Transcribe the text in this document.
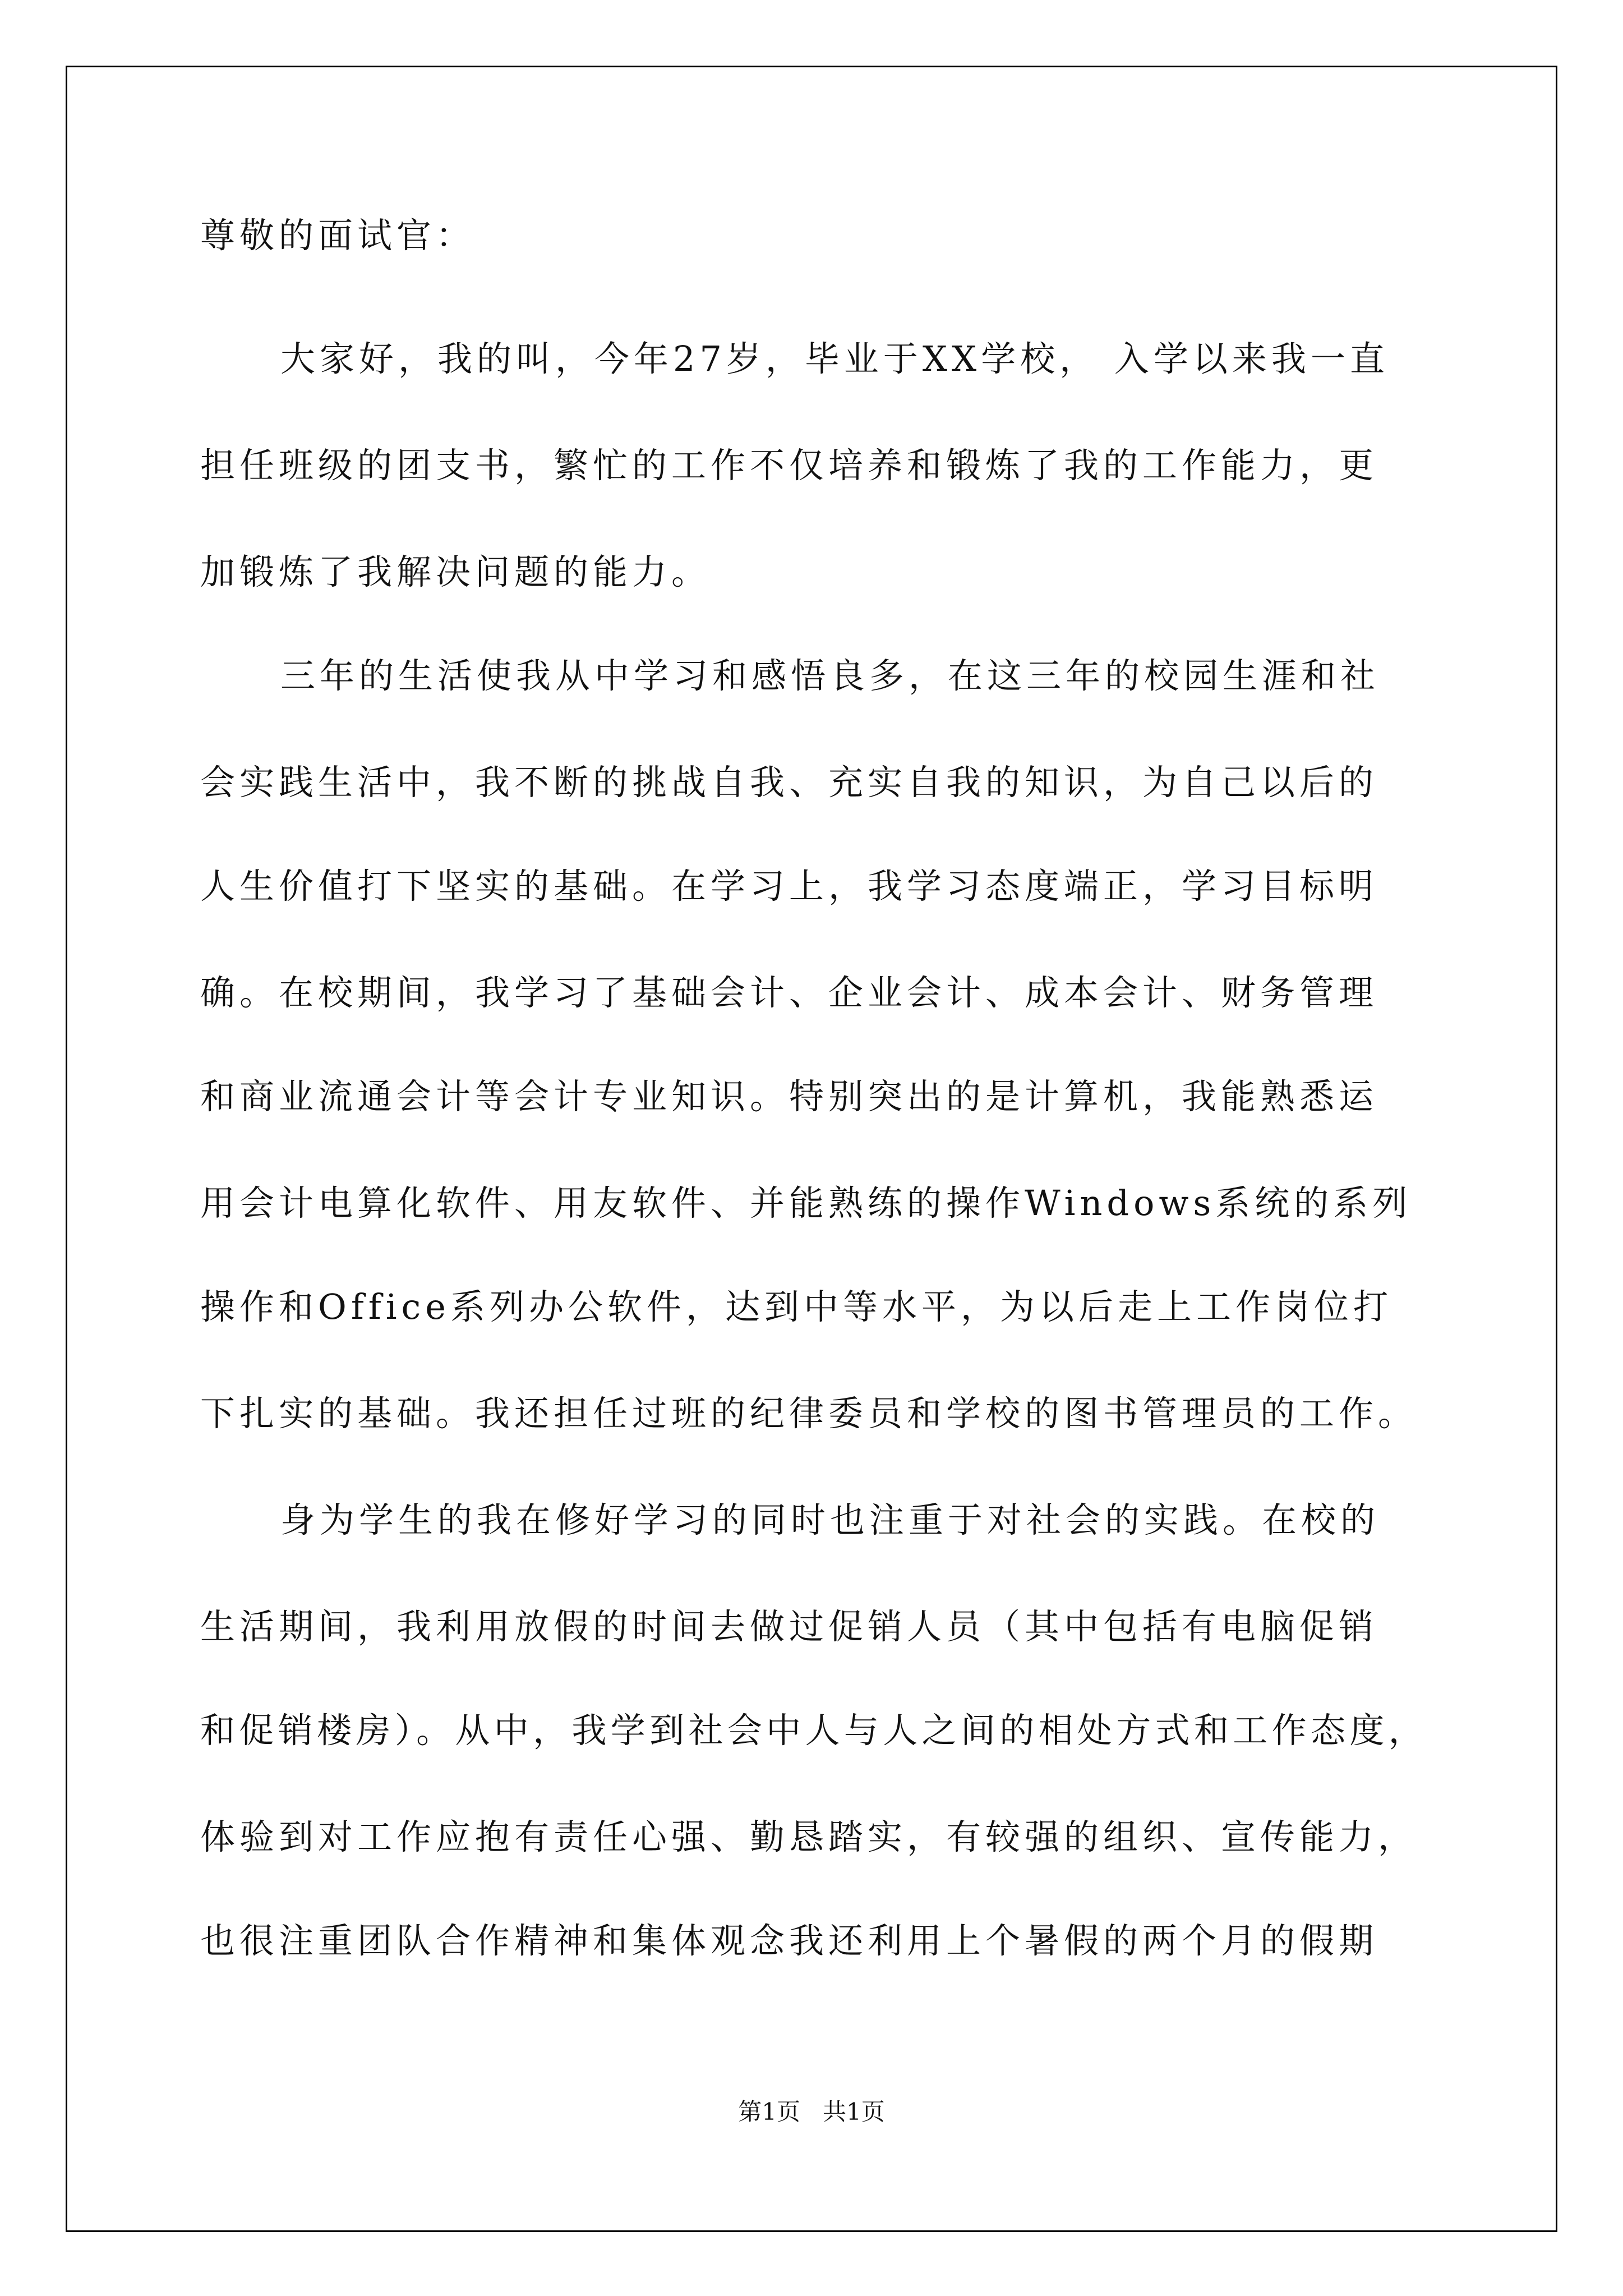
尊敬的面试官：

大家好，我的叫，今年27岁，毕业于XX学校， 入学以来我一直

担任班级的团支书，繁忙的工作不仅培养和锻炼了我的工作能力，更

加锻炼了我解决问题的能力。

三年的生活使我从中学习和感悟良多，在这三年的校园生涯和社

会实践生活中，我不断的挑战自我、充实自我的知识，为自己以后的

人生价值打下坚实的基础。在学习上，我学习态度端正，学习目标明

确。在校期间，我学习了基础会计、企业会计、成本会计、财务管理

和商业流通会计等会计专业知识。特别突出的是计算机，我能熟悉运

用会计电算化软件、用友软件、并能熟练的操作Windows系统的系列

操作和Office系列办公软件，达到中等水平，为以后走上工作岗位打

下扎实的基础。我还担任过班的纪律委员和学校的图书管理员的工作。

身为学生的我在修好学习的同时也注重于对社会的实践。在校的

生活期间，我利用放假的时间去做过促销人员（其中包括有电脑促销

和促销楼房）。从中，我学到社会中人与人之间的相处方式和工作态度，

体验到对工作应抱有责任心强、勤恳踏实，有较强的组织、宣传能力，

也很注重团队合作精神和集体观念我还利用上个暑假的两个月的假期

第1页   共1页
